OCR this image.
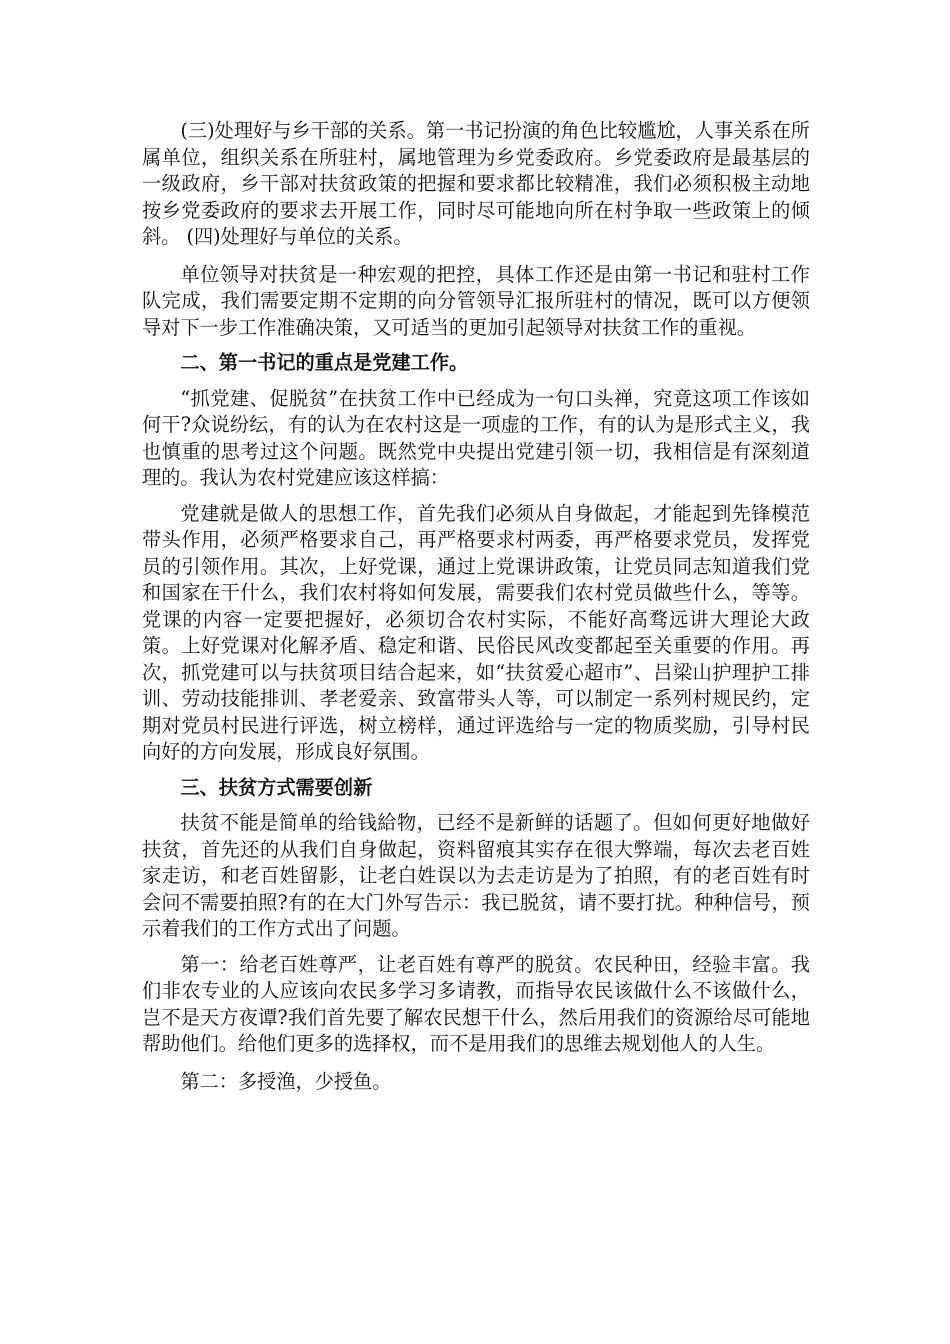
(三)处理好与乡干部的关系。第一书记扮演的角色比较尴尬，人事关系在所属单位，组织关系在所驻村，属地管理为乡党委政府。乡党委政府是最基层的一级政府，乡干部对扶贫政策的把握和要求都比较精准，我们必须积极主动地按乡党委政府的要求去开展工作，同时尽可能地向所在村争取一些政策上的倾斜。 (四)处理好与单位的关系。

单位领导对扶贫是一种宏观的把控，具体工作还是由第一书记和驻村工作队完成，我们需要定期不定期的向分管领导汇报所驻村的情况，既可以方便领导对下一步工作准确决策，又可适当的更加引起领导对扶贫工作的重视。

二、第一书记的重点是党建工作。

“抓党建、促脱贫”在扶贫工作中已经成为一句口头禅，究竟这项工作该如何干?众说纷纭，有的认为在农村这是一项虚的工作，有的认为是形式主义，我也慎重的思考过这个问题。既然党中央提出党建引领一切，我相信是有深刻道理的。我认为农村党建应该这样搞：

党建就是做人的思想工作，首先我们必须从自身做起，才能起到先锋模范带头作用，必须严格要求自己，再严格要求村两委，再严格要求党员，发挥党员的引领作用。其次，上好党课，通过上党课讲政策，让党员同志知道我们党和国家在干什么，我们农村将如何发展，需要我们农村党员做些什么，等等。党课的内容一定要把握好，必须切合农村实际，不能好高骛远讲大理论大政策。上好党课对化解矛盾、稳定和谐、民俗民风改变都起至关重要的作用。再次，抓党建可以与扶贫项目结合起来，如“扶贫爱心超市”、吕梁山护理护工排训、劳动技能排训、孝老爱亲、致富带头人等，可以制定一系列村规民约，定期对党员村民进行评选，树立榜样，通过评选给与一定的物质奖励，引导村民向好的方向发展，形成良好氛围。

三、扶贫方式需要创新

扶贫不能是简单的给钱給物，已经不是新鲜的话题了。但如何更好地做好扶贫，首先还的从我们自身做起，资料留痕其实存在很大弊端，每次去老百姓家走访，和老百姓留影，让老白姓误以为去走访是为了拍照，有的老百姓有时会问不需要拍照?有的在大门外写告示：我已脱贫，请不要打扰。种种信号，预示着我们的工作方式出了问题。

第一：给老百姓尊严，让老百姓有尊严的脱贫。农民种田，经验丰富。我们非农专业的人应该向农民多学习多请教，而指导农民该做什么不该做什么，岂不是天方夜谭?我们首先要了解农民想干什么，然后用我们的资源给尽可能地帮助他们。给他们更多的选择权，而不是用我们的思维去规划他人的人生。

第二：多授渔，少授鱼。
